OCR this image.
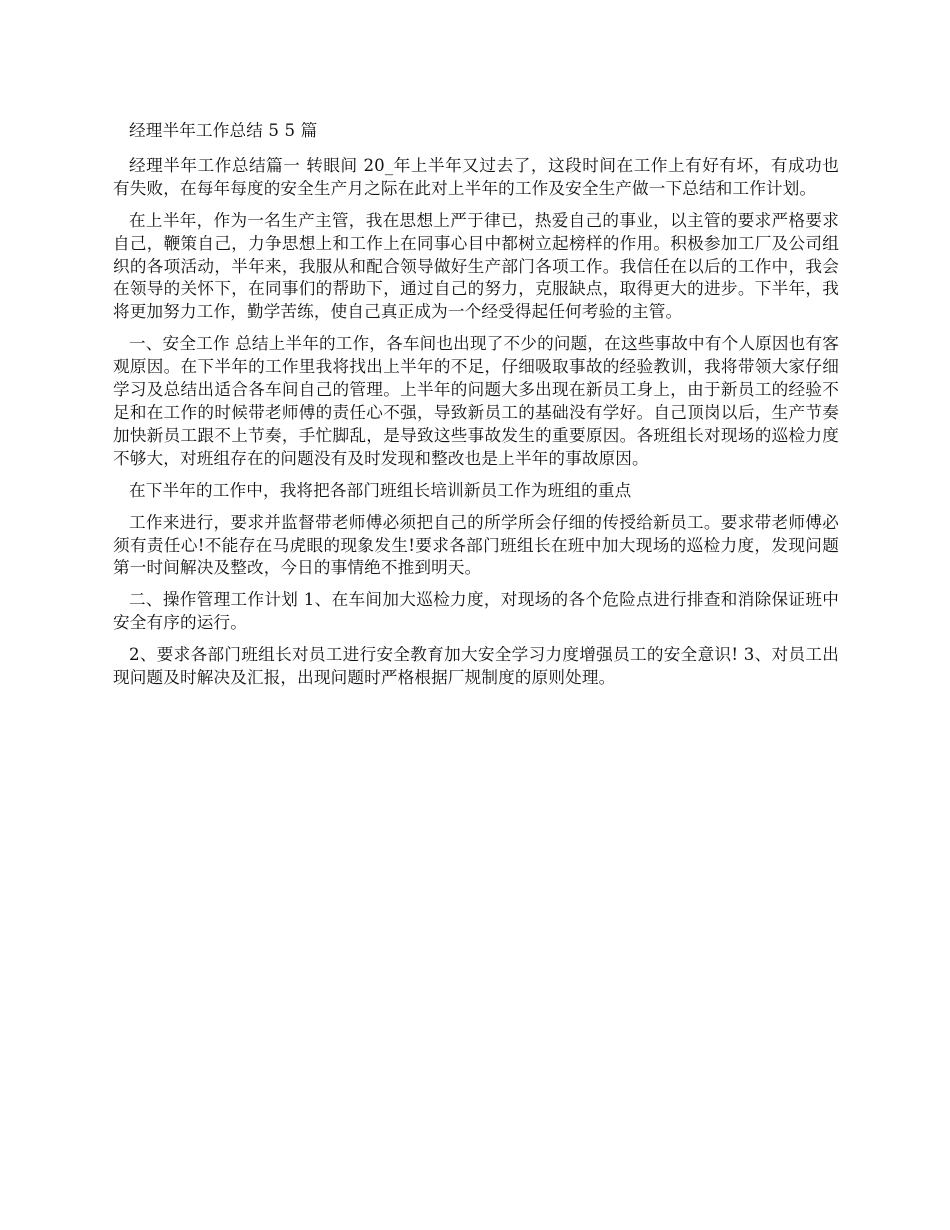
经理半年工作总结 5 5 篇

经理半年工作总结篇一 转眼间 20_年上半年又过去了，这段时间在工作上有好有坏，有成功也有失败，在每年每度的安全生产月之际在此对上半年的工作及安全生产做一下总结和工作计划。

在上半年，作为一名生产主管，我在思想上严于律已，热爱自己的事业，以主管的要求严格要求自己，鞭策自己，力争思想上和工作上在同事心目中都树立起榜样的作用。积极参加工厂及公司组织的各项活动，半年来，我服从和配合领导做好生产部门各项工作。我信任在以后的工作中，我会在领导的关怀下，在同事们的帮助下，通过自己的努力，克服缺点，取得更大的进步。下半年，我将更加努力工作，勤学苦练，使自己真正成为一个经受得起任何考验的主管。

一、安全工作 总结上半年的工作，各车间也出现了不少的问题，在这些事故中有个人原因也有客观原因。在下半年的工作里我将找出上半年的不足，仔细吸取事故的经验教训，我将带领大家仔细学习及总结出适合各车间自己的管理。上半年的问题大多出现在新员工身上，由于新员工的经验不足和在工作的时候带老师傅的责任心不强，导致新员工的基础没有学好。自己顶岗以后，生产节奏加快新员工跟不上节奏，手忙脚乱，是导致这些事故发生的重要原因。各班组长对现场的巡检力度不够大，对班组存在的问题没有及时发现和整改也是上半年的事故原因。

在下半年的工作中，我将把各部门班组长培训新员工作为班组的重点

工作来进行，要求并监督带老师傅必须把自己的所学所会仔细的传授给新员工。要求带老师傅必须有责任心!不能存在马虎眼的现象发生!要求各部门班组长在班中加大现场的巡检力度，发现问题第一时间解决及整改，今日的事情绝不推到明天。

二、操作管理工作计划 1、在车间加大巡检力度，对现场的各个危险点进行排查和消除保证班中安全有序的运行。

2、要求各部门班组长对员工进行安全教育加大安全学习力度增强员工的安全意识! 3、对员工出现问题及时解决及汇报，出现问题时严格根据厂规制度的原则处理。
